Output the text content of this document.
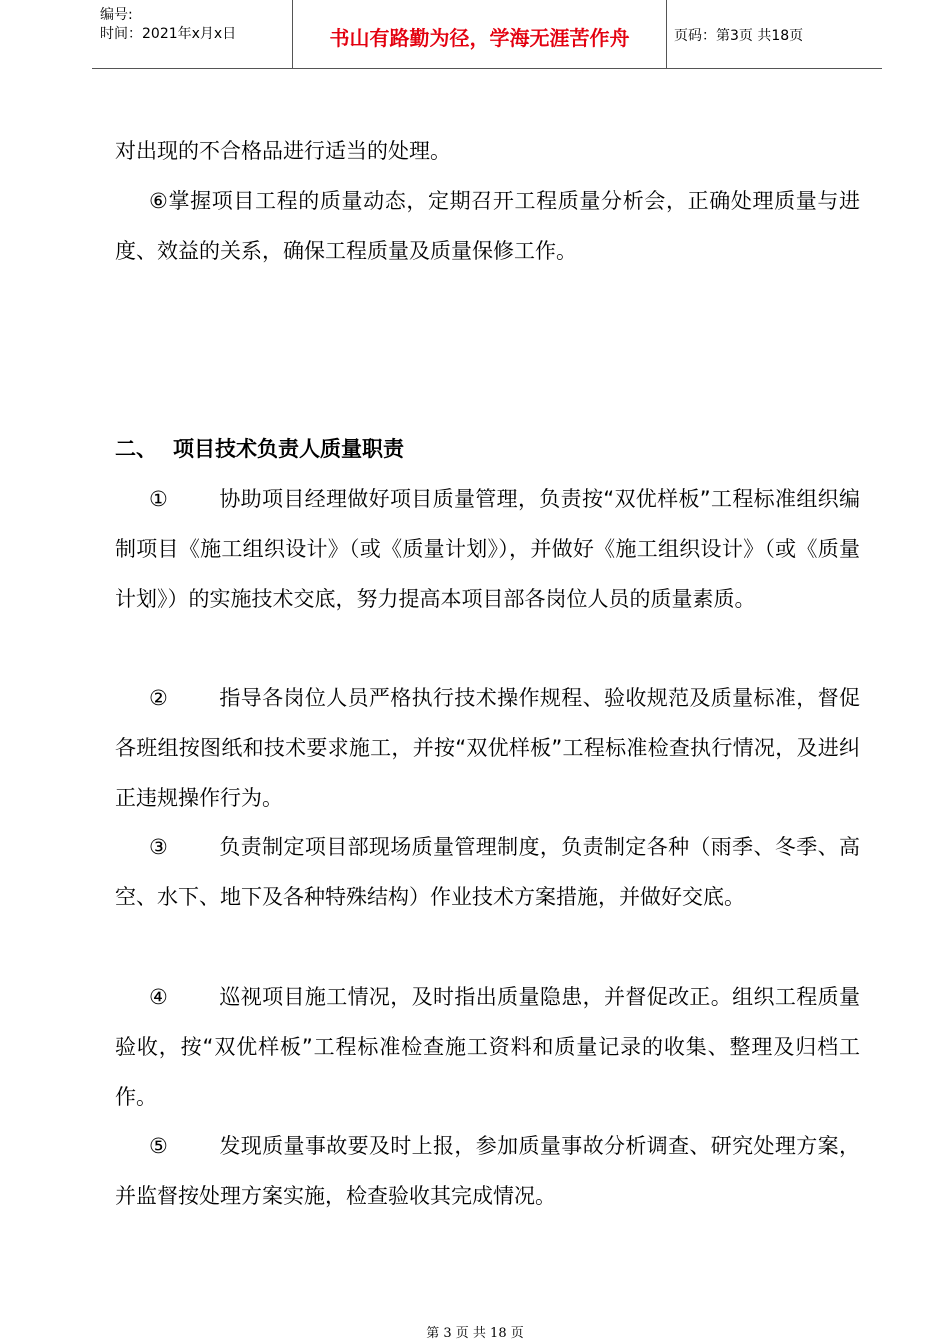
编号:
时间：2021年x月x日	书山有路勤为径，学海无涯苦作舟	页码：第3页 共18页
对出现的不合格品进行适当的处理。
⑥掌握项目工程的质量动态，定期召开工程质量分析会，正确处理质量与进度、效益的关系，确保工程质量及质量保修工作。
二、 项目技术负责人质量职责
① 协助项目经理做好项目质量管理，负责按“双优样板”工程标准组织编制项目《施工组织设计》（或《质量计划》），并做好《施工组织设计》（或《质量计划》）的实施技术交底，努力提高本项目部各岗位人员的质量素质。
② 指导各岗位人员严格执行技术操作规程、验收规范及质量标准，督促各班组按图纸和技术要求施工，并按“双优样板”工程标准检查执行情况，及进纠正违规操作行为。
③ 负责制定项目部现场质量管理制度，负责制定各种（雨季、冬季、高空、水下、地下及各种特殊结构）作业技术方案措施，并做好交底。
④ 巡视项目施工情况，及时指出质量隐患，并督促改正。组织工程质量验收，按“双优样板”工程标准检查施工资料和质量记录的收集、整理及归档工作。
⑤ 发现质量事故要及时上报，参加质量事故分析调查、研究处理方案，并监督按处理方案实施，检查验收其完成情况。
第 3 页 共 18 页
